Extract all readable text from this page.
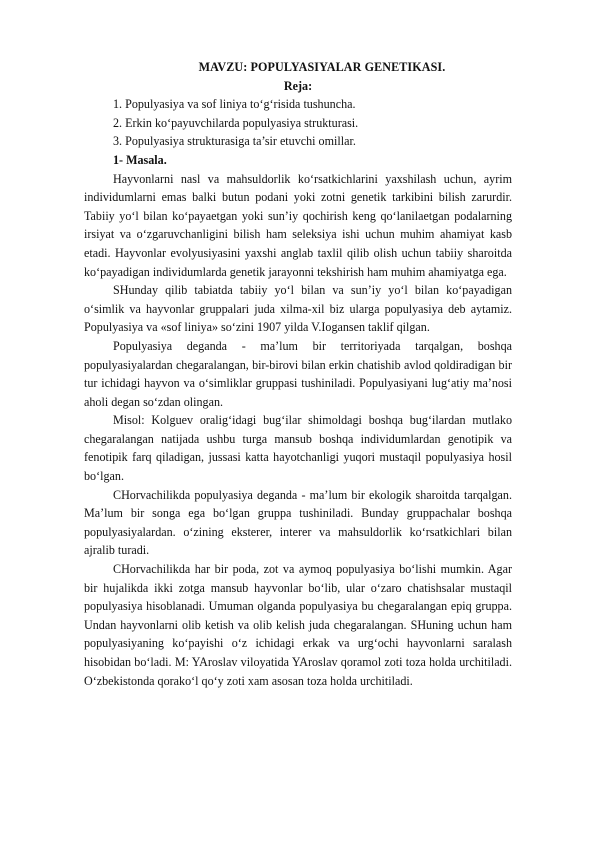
MAVZU: POPULYASIYALAR GENETIKASI.

Reja:

1. Populyasiya va sof liniya to‘g‘risida tushuncha.

2. Erkin ko‘payuvchilarda populyasiya strukturasi.

3. Populyasiya strukturasiga ta’sir etuvchi omillar.

1- Masala.

Hayvonlarni nasl va mahsuldorlik ko‘rsatkichlarini yaxshilash uchun, ayrim individumlarni emas balki butun podani yoki zotni genetik tarkibini bilish zarurdir. Tabiiy yo‘l bilan ko‘payaetgan yoki sun’iy qochirish keng qo‘lanilaetgan podalarning irsiyat va o‘zgaruvchanligini bilish ham seleksiya ishi uchun muhim ahamiyat kasb etadi. Hayvonlar evolyusiyasini yaxshi anglab taxlil qilib olish uchun tabiiy sharoitda ko‘payadigan individumlarda genetik jarayonni tekshirish ham muhim ahamiyatga ega.

SHunday qilib tabiatda tabiiy yo‘l bilan va sun’iy yo‘l bilan ko‘payadigan o‘simlik va hayvonlar gruppalari juda xilma-xil biz ularga populyasiya deb aytamiz. Populyasiya va «sof liniya» so‘zini 1907 yilda V.Iogansen taklif qilgan.

Populyasiya deganda - ma’lum bir territoriyada tarqalgan, boshqa populyasiyalardan chegaralangan, bir-birovi bilan erkin chatishib avlod qoldiradigan bir tur ichidagi hayvon va o‘simliklar gruppasi tushiniladi. Populyasiyani lug‘atiy ma’nosi aholi degan so‘zdan olingan.

Misol: Kolguev oralig‘idagi bug‘ilar shimoldagi boshqa bug‘ilardan mutlako chegaralangan natijada ushbu turga mansub boshqa individumlardan genotipik va fenotipik farq qiladigan, jussasi katta hayotchanligi yuqori mustaqil populyasiya hosil bo‘lgan.

CHorvachilikda populyasiya deganda - ma’lum bir ekologik sharoitda tarqalgan. Ma’lum bir songa ega bo‘lgan gruppa tushiniladi. Bunday gruppachalar boshqa populyasiyalardan. o‘zining eksterer, interer va mahsuldorlik ko‘rsatkichlari bilan ajralib turadi.

CHorvachilikda har bir poda, zot va aymoq populyasiya bo‘lishi mumkin. Agar bir hujalikda ikki zotga mansub hayvonlar bo‘lib, ular o‘zaro chatishsalar mustaqil populyasiya hisoblanadi. Umuman olganda populyasiya bu chegaralangan epiq gruppa. Undan hayvonlarni olib ketish va olib kelish juda chegaralangan. SHuning uchun ham populyasiyaning ko‘payishi o‘z ichidagi erkak va urg‘ochi hayvonlarni saralash hisobidan bo‘ladi. M: YAroslav viloyatida YAroslav qoramol zoti toza holda urchitiladi. O‘zbekistonda qorako‘l qo‘y zoti xam asosan toza holda urchitiladi.
